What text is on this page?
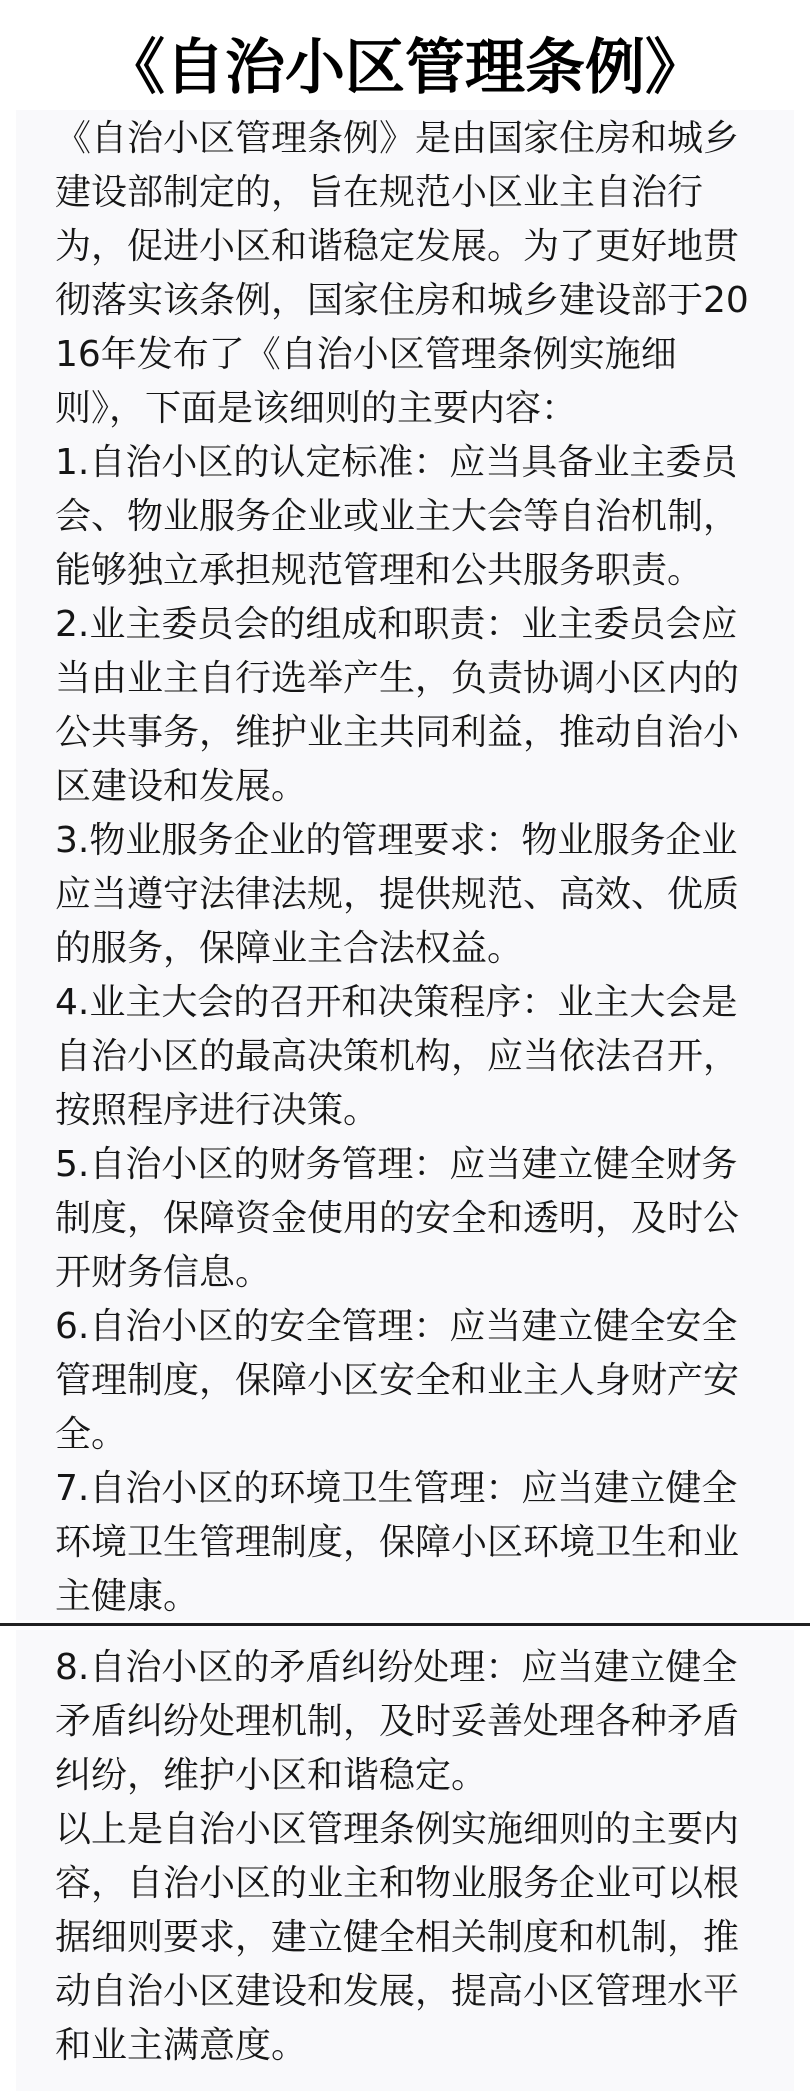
《自治小区管理条例》

《自治小区管理条例》是由国家住房和城乡建设部制定的，旨在规范小区业主自治行为，促进小区和谐稳定发展。为了更好地贯彻落实该条例，国家住房和城乡建设部于2016年发布了《自治小区管理条例实施细则》，下面是该细则的主要内容：

1.自治小区的认定标准：应当具备业主委员会、物业服务企业或业主大会等自治机制，能够独立承担规范管理和公共服务职责。

2.业主委员会的组成和职责：业主委员会应当由业主自行选举产生，负责协调小区内的公共事务，维护业主共同利益，推动自治小区建设和发展。

3.物业服务企业的管理要求：物业服务企业应当遵守法律法规，提供规范、高效、优质的服务，保障业主合法权益。

4.业主大会的召开和决策程序：业主大会是自治小区的最高决策机构，应当依法召开，按照程序进行决策。

5.自治小区的财务管理：应当建立健全财务制度，保障资金使用的安全和透明，及时公开财务信息。

6.自治小区的安全管理：应当建立健全安全管理制度，保障小区安全和业主人身财产安全。

7.自治小区的环境卫生管理：应当建立健全环境卫生管理制度，保障小区环境卫生和业主健康。

8.自治小区的矛盾纠纷处理：应当建立健全矛盾纠纷处理机制，及时妥善处理各种矛盾纠纷，维护小区和谐稳定。

以上是自治小区管理条例实施细则的主要内容，自治小区的业主和物业服务企业可以根据细则要求，建立健全相关制度和机制，推动自治小区建设和发展，提高小区管理水平和业主满意度。
